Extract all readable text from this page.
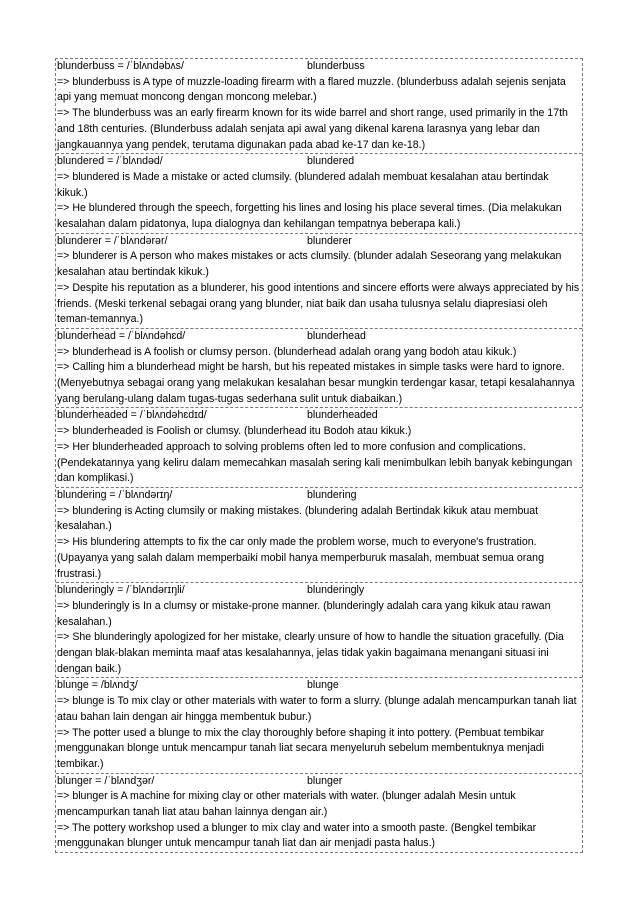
blunderbuss = /ˈblʌndəbʌs/	blunderbuss

=> blunderbuss is A type of muzzle-loading firearm with a flared muzzle. (blunderbuss adalah sejenis senjata api yang memuat moncong dengan moncong melebar.)

=> The blunderbuss was an early firearm known for its wide barrel and short range, used primarily in the 17th and 18th centuries. (Blunderbuss adalah senjata api awal yang dikenal karena larasnya yang lebar dan jangkauannya yang pendek, terutama digunakan pada abad ke-17 dan ke-18.)

blundered = /ˈblʌndəd/	blundered

=> blundered is Made a mistake or acted clumsily. (blundered adalah membuat kesalahan atau bertindak kikuk.)

=> He blundered through the speech, forgetting his lines and losing his place several times. (Dia melakukan kesalahan dalam pidatonya, lupa dialognya dan kehilangan tempatnya beberapa kali.)

blunderer = /ˈblʌndərər/	blunderer

=> blunderer is A person who makes mistakes or acts clumsily. (blunder adalah Seseorang yang melakukan kesalahan atau bertindak kikuk.)

=> Despite his reputation as a blunderer, his good intentions and sincere efforts were always appreciated by his friends. (Meski terkenal sebagai orang yang blunder, niat baik dan usaha tulusnya selalu diapresiasi oleh teman-temannya.)

blunderhead = /ˈblʌndəhɛd/	blunderhead

=> blunderhead is A foolish or clumsy person. (blunderhead adalah orang yang bodoh atau kikuk.)

=> Calling him a blunderhead might be harsh, but his repeated mistakes in simple tasks were hard to ignore. (Menyebutnya sebagai orang yang melakukan kesalahan besar mungkin terdengar kasar, tetapi kesalahannya yang berulang-ulang dalam tugas-tugas sederhana sulit untuk diabaikan.)

blunderheaded = /ˈblʌndəhɛdɪd/	blunderheaded

=> blunderheaded is Foolish or clumsy. (blunderhead itu Bodoh atau kikuk.)

=> Her blunderheaded approach to solving problems often led to more confusion and complications. (Pendekatannya yang keliru dalam memecahkan masalah sering kali menimbulkan lebih banyak kebingungan dan komplikasi.)

blundering = /ˈblʌndərɪŋ/	blundering

=> blundering is Acting clumsily or making mistakes. (blundering adalah Bertindak kikuk atau membuat kesalahan.)

=> His blundering attempts to fix the car only made the problem worse, much to everyone's frustration. (Upayanya yang salah dalam memperbaiki mobil hanya memperburuk masalah, membuat semua orang frustrasi.)

blunderingly = /ˈblʌndərɪŋli/	blunderingly

=> blunderingly is In a clumsy or mistake-prone manner. (blunderingly adalah cara yang kikuk atau rawan kesalahan.)

=> She blunderingly apologized for her mistake, clearly unsure of how to handle the situation gracefully. (Dia dengan blak-blakan meminta maaf atas kesalahannya, jelas tidak yakin bagaimana menangani situasi ini dengan baik.)

blunge = /blʌndʒ/	blunge

=> blunge is To mix clay or other materials with water to form a slurry. (blunge adalah mencampurkan tanah liat atau bahan lain dengan air hingga membentuk bubur.)

=> The potter used a blunge to mix the clay thoroughly before shaping it into pottery. (Pembuat tembikar menggunakan blonge untuk mencampur tanah liat secara menyeluruh sebelum membentuknya menjadi tembikar.)

blunger = /ˈblʌndʒər/	blunger

=> blunger is A machine for mixing clay or other materials with water. (blunger adalah Mesin untuk mencampurkan tanah liat atau bahan lainnya dengan air.)

=> The pottery workshop used a blunger to mix clay and water into a smooth paste. (Bengkel tembikar menggunakan blunger untuk mencampur tanah liat dan air menjadi pasta halus.)
